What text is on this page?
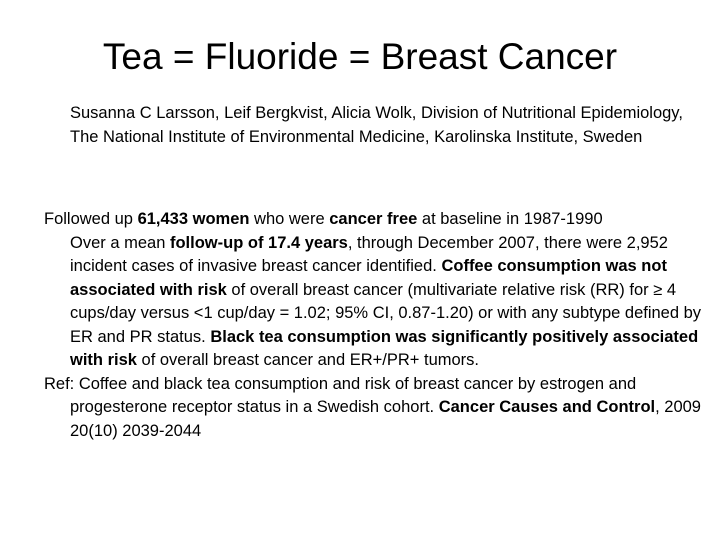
Tea = Fluoride = Breast Cancer
Susanna C Larsson, Leif Bergkvist, Alicia Wolk, Division of Nutritional Epidemiology, The National Institute of Environmental Medicine, Karolinska Institute, Sweden

Followed up 61,433 women who were cancer free at baseline in 1987-1990

Over a mean follow-up of 17.4 years, through December 2007, there were 2,952 incident cases of invasive breast cancer identified. Coffee consumption was not associated with risk of overall breast cancer (multivariate relative risk (RR) for ≥ 4 cups/day versus <1 cup/day = 1.02; 95% CI, 0.87-1.20) or with any subtype defined by ER and PR status. Black tea consumption was significantly positively associated with risk of overall breast cancer and ER+/PR+ tumors.

Ref: Coffee and black tea consumption and risk of breast cancer by estrogen and progesterone receptor status in a Swedish cohort. Cancer Causes and Control, 2009 20(10) 2039-2044
